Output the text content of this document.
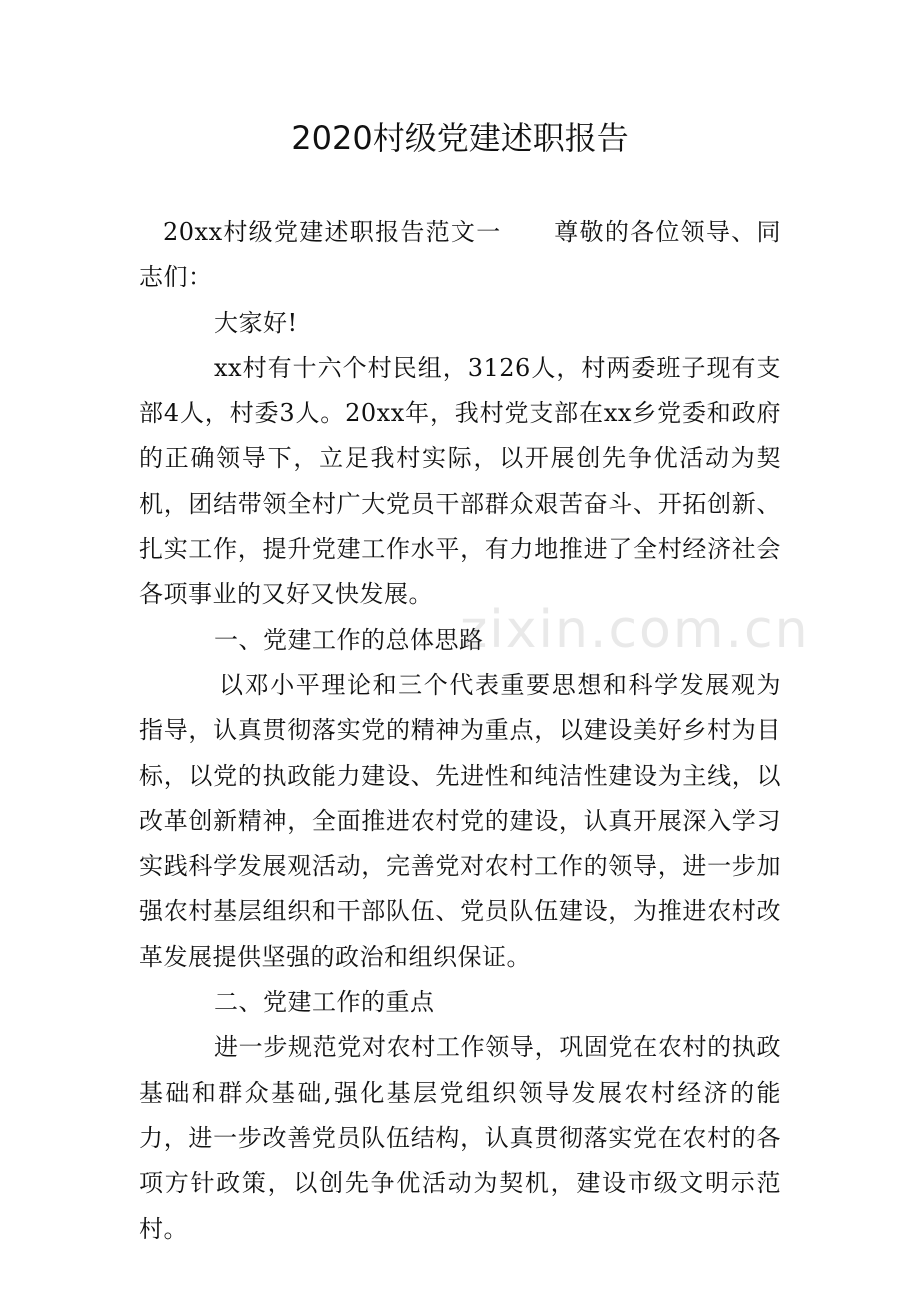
zixin.com.cn
2020村级党建述职报告

20xx村级党建述职报告范文一 尊敬的各位领导、同志们：

大家好!

xx村有十六个村民组，3126人，村两委班子现有支部4人，村委3人。20xx年，我村党支部在xx乡党委和政府的正确领导下，立足我村实际，以开展创先争优活动为契机，团结带领全村广大党员干部群众艰苦奋斗、开拓创新、扎实工作，提升党建工作水平，有力地推进了全村经济社会各项事业的又好又快发展。

一、党建工作的总体思路

以邓小平理论和三个代表重要思想和科学发展观为指导，认真贯彻落实党的精神为重点，以建设美好乡村为目标，以党的执政能力建设、先进性和纯洁性建设为主线，以改革创新精神，全面推进农村党的建设，认真开展深入学习实践科学发展观活动，完善党对农村工作的领导，进一步加强农村基层组织和干部队伍、党员队伍建设，为推进农村改革发展提供坚强的政治和组织保证。

二、党建工作的重点

进一步规范党对农村工作领导，巩固党在农村的执政基础和群众基础,强化基层党组织领导发展农村经济的能力，进一步改善党员队伍结构，认真贯彻落实党在农村的各项方针政策，以创先争优活动为契机，建设市级文明示范村。
